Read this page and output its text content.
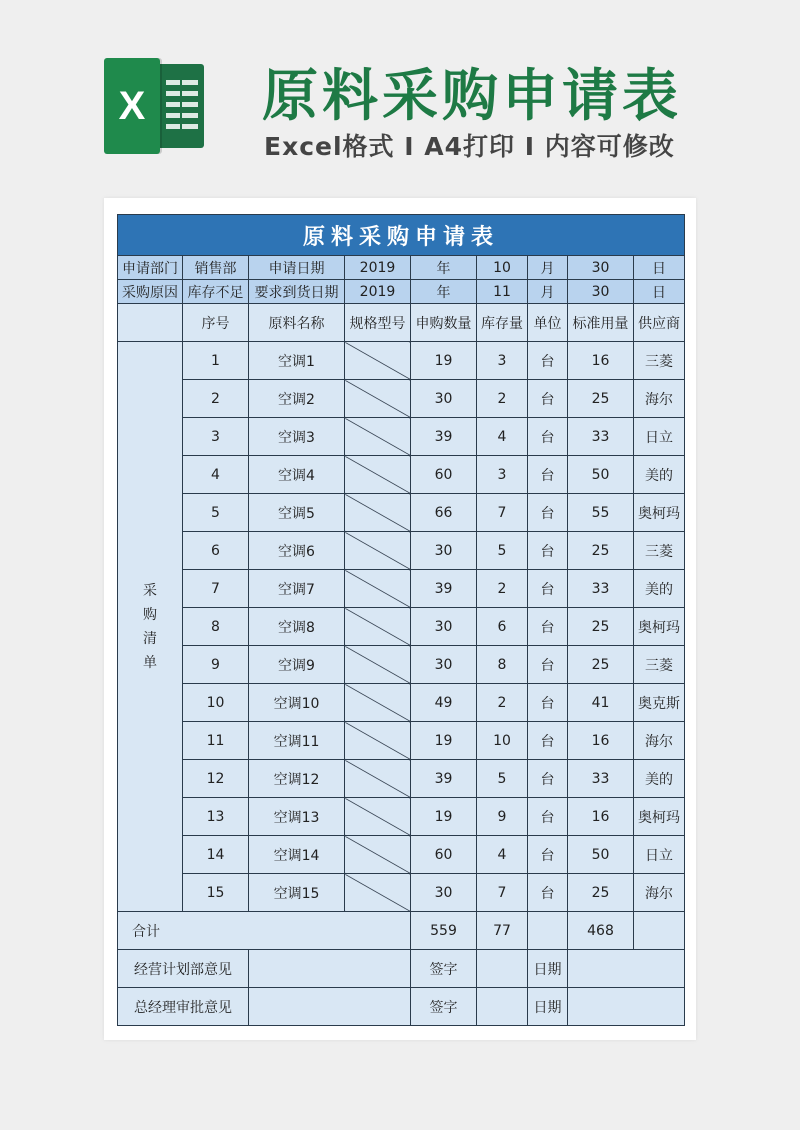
X 原料采购申请表
Excel格式 I A4打印 I 内容可修改
原料采购申请表								
申请部门	销售部	申请日期	2019	年	10	月	30	日
采购原因	库存不足	要求到货日期	2019	年	11	月	30	日
	序号	原料名称	规格型号	申购数量	库存量	单位	标准用量	供应商

采
购
清
单	1	空调1		19	3	台	16	三菱
	2	空调2		30	2	台	25	海尔
	3	空调3		39	4	台	33	日立
	4	空调4		60	3	台	50	美的
	5	空调5		66	7	台	55	奥柯玛
	6	空调6		30	5	台	25	三菱
	7	空调7		39	2	台	33	美的
	8	空调8		30	6	台	25	奥柯玛
	9	空调9		30	8	台	25	三菱
	10	空调10		49	2	台	41	奥克斯
	11	空调11		19	10	台	16	海尔
	12	空调12		39	5	台	33	美的
	13	空调13		19	9	台	16	奥柯玛
	14	空调14		60	4	台	50	日立
	15	空调15		30	7	台	25	海尔
合计				559	77		468	
经营计划部意见				签字		日期		
总经理审批意见				签字		日期		
